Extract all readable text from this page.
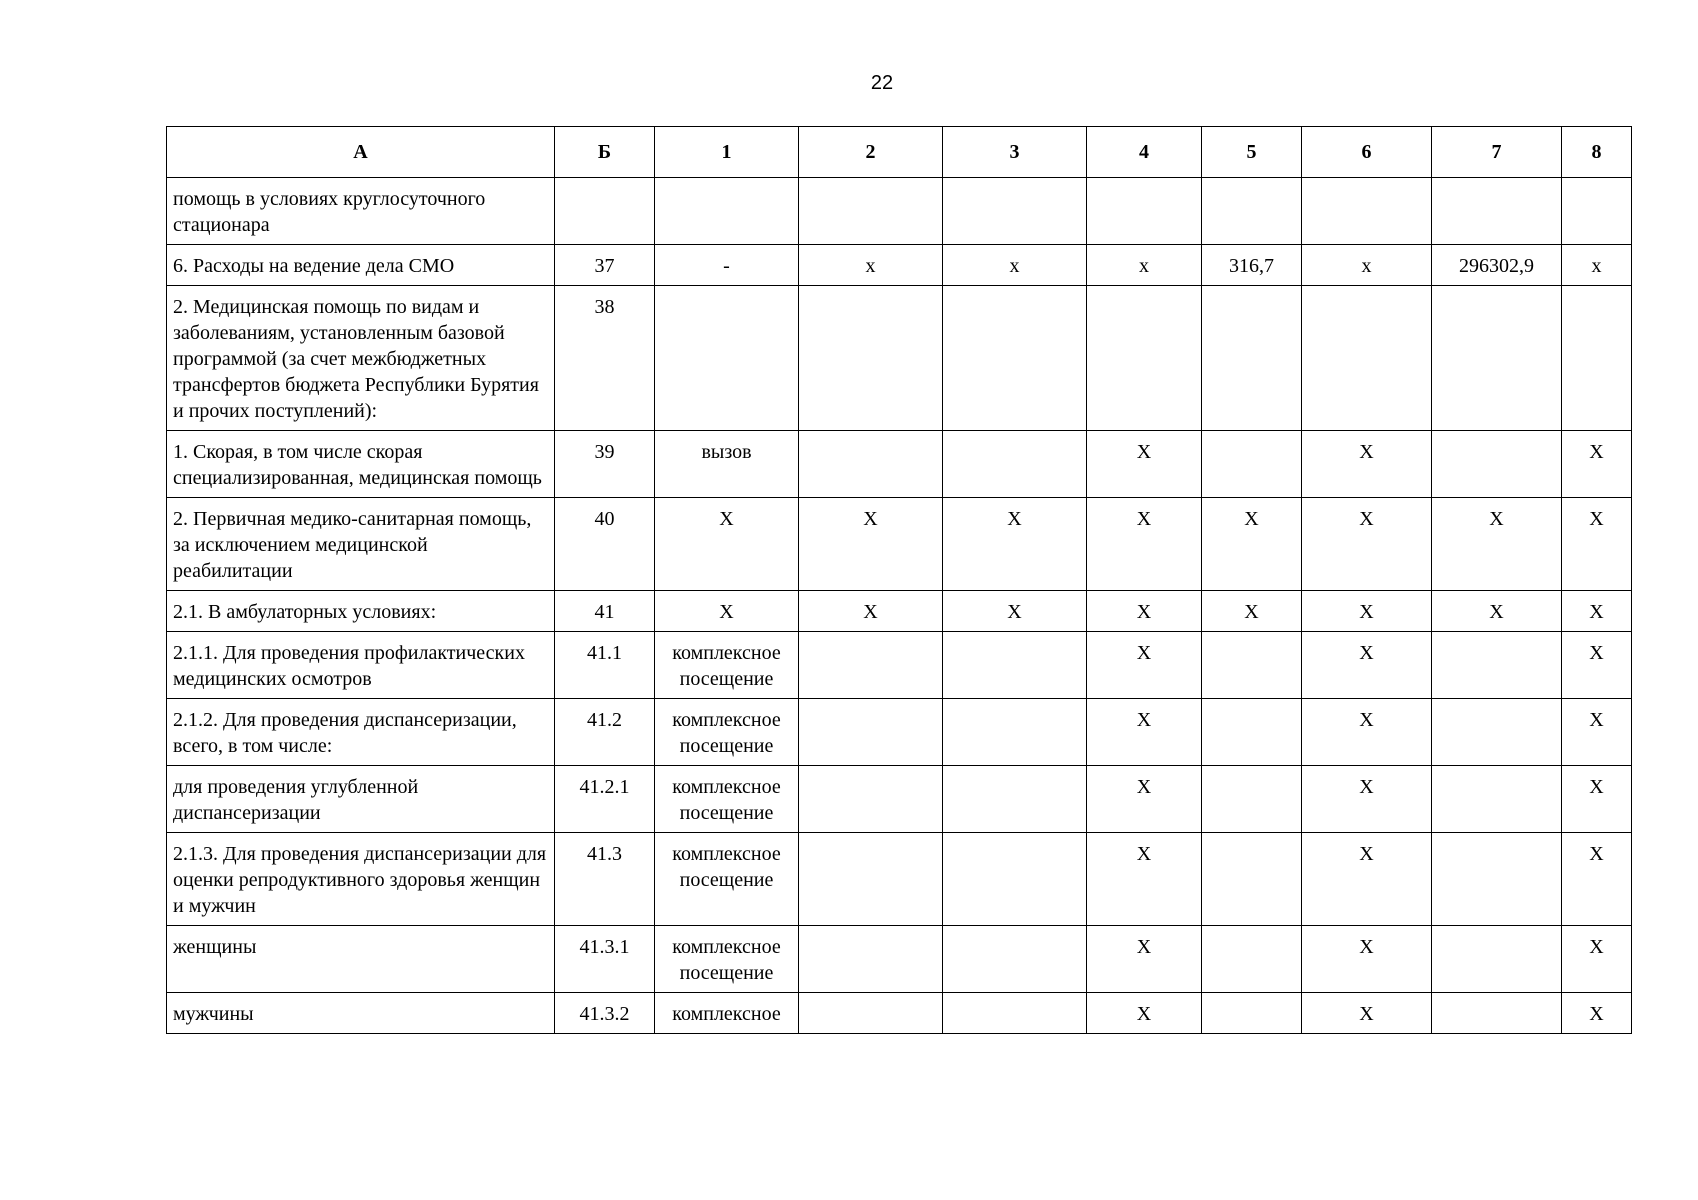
22
А	Б	1	2	3	4	5	6	7	8
помощь в условиях круглосуточного стационара									
6. Расходы на ведение дела СМО	37	-	х	х	х	316,7	х	296302,9	х
2. Медицинская помощь по видам и заболеваниям, установленным базовой программой (за счет межбюджетных трансфертов бюджета Республики Бурятия и прочих поступлений):	38								
1. Скорая, в том числе скорая специализированная, медицинская помощь	39	вызов			Х		Х		Х
2. Первичная медико-санитарная помощь, за исключением медицинской реабилитации	40	Х	Х	Х	Х	Х	Х	Х	Х
2.1. В амбулаторных условиях:	41	Х	Х	Х	Х	Х	Х	Х	Х
2.1.1. Для проведения профилактических медицинских осмотров	41.1	комплексное посещение			Х		Х		Х
2.1.2. Для проведения диспансеризации, всего, в том числе:	41.2	комплексное посещение			Х		Х		Х
для проведения углубленной диспансеризации	41.2.1	комплексное посещение			Х		Х		Х
2.1.3. Для проведения диспансеризации для оценки репродуктивного здоровья женщин и мужчин	41.3	комплексное посещение			Х		Х		Х
женщины	41.3.1	комплексное посещение			Х		Х		Х
мужчины	41.3.2	комплексное			Х		Х		Х
